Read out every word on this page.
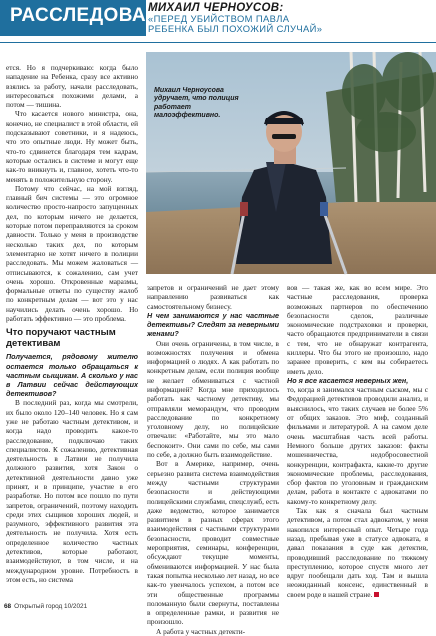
РАССЛЕДОВАНИЯ
МИХАИЛ ЧЕРНОУСОВ:
«ПЕРЕД УБИЙСТВОМ ПАВЛА
РЕБЕНКА БЫЛ ПОХОЖИЙ СЛУЧАЙ»
Михаил Черноусова удручает, что полиция работает малоэффективно.

ется. Но я подчеркиваю: когда было нападение на Ребенка, сразу все активно взялись за работу, начали расследовать, интересоваться похожими делами, а потом — тишина.

Что касается нового министра, она, конечно, не специалист в этой области, ей подсказывают советники, и я надеюсь, что это опытные люди. Ну может быть, что-то сдвинется благодаря тем кадрам, которые остались в системе и могут еще как-то вникнуть и, главное, хотеть что-то менять в положительную сторону.

Потому что сейчас, на мой взгляд, главный бич системы — это огромное количество просто-напросто запущенных дел, по которым ничего не делается, которые потом переправляются за сроком давности. Только у меня в производстве несколько таких дел, по которым элементарно не хотят ничего в полиции расследовать. Мы можем жаловаться — отписываются, к сожалению, сам учет очень хорошо. Откровенные маразмы, формальные ответы по существу жалоб по конкретным делам — вот это у нас научились делать очень хорошо. Но работать эффективно — это проблема.

Что поручают частным детективам

Получается, рядовому жителю остается только обращаться к частным сыщикам. А сколько у нас в Латвии сейчас действующих детективов?

В последний раз, когда мы смотрели, их было около 120–140 человек. Но я сам уже не работаю частным детективом, и когда надо проводить какое-то расследование, подключаю таких специалистов. К сожалению, детективная деятельность в Латвии не получила должного развития, хотя Закон о детективной деятельности давно уже принят, и в принципе, участие в его разработке. Но потом все пошло по пути запретов, ограничений, поэтому находить среди этих сыщиков хороших людей, и разумного, эффективного развития эта деятельность не получила. Хотя есть определенное количество частных детективов, которые работают, взаимодействуют, в том числе, и на международном уровне. Потребность в этом есть, но система

запретов и ограничений не дает этому направлению развиваться как самостоятельному бизнесу.

Н чем занимаются у нас частные детективы? Следят за неверными женами?

Они очень ограничены, в том числе, в возможностях получения и обмена информацией о людях. А как работать по конкретным делам, если полиция вообще не желает обмениваться с частной информацией? Когда мне приходилось работать как частному детективу, мы отправляли меморандум, что проводим расследование по конкретному уголовному делу, но полицейские отвечали: «Работайте, мы это мало беспокоит». Они сами по себе, мы сами по себе, а должно быть взаимодействие.

Вот в Америке, например, очень серьезно развита система взаимодействия между частными структурами безопасности и действующими полицейскими службами, спецслужб, есть даже ведомство, которое занимается развитием в разных сферах этого взаимодействия с частными структурами безопасности, проводит совместные мероприятия, семинары, конференции, обсуждают текущие моменты, обмениваются информацией. У нас была такая попытка несколько лет назад, но все как-то увенчалось успехом, а потом все эти общественные программы поломанную были свернуты, поставлены в определенные рамки, и развития не произошло.

А работа у частных детекти-

вов — такая же, как во всем мире. Это частные расследования, проверка возможных партнеров по обеспечению безопасности сделок, различные экономические подстраховки и проверки, часто обращаются предприниматели в связи с тем, что не обнаружат контрагента, киллеры. Что бы этого не произошло, надо заранее проверить, с кем вы собираетесь иметь дело.

Но я все касается неверных жен,

то, когда я занимался частным сыском, мы с Федорацией детективов проводили анализ, и выяснилось, что таких случаев не более 5% от общих заказов. Это миф, созданный фильмами и литературой. А на самом деле очень масштабная часть всей работы. Немного больше других заказов: факты мошенничества, недобросовестной конкуренции, контрафакта, какие-то другие экономические проблемы, расследования, сбор фактов по уголовным и гражданским делам, работа в контакте с адвокатами по какому-то конкретному делу.

Так как я сначала был частным детективом, а потом стал адвокатом, у меня накопился интересный опыт. Четыре года назад, пребывая уже в статусе адвоката, я давал показания в суде как детектив, проводивший расследование по тяжкому преступлению, которое спустя много лет вдруг пообещали дать ход. Там и вышла неожиданный консенс, единственный в своем роде в нашей стране.

68 Открытый город 10/2021
